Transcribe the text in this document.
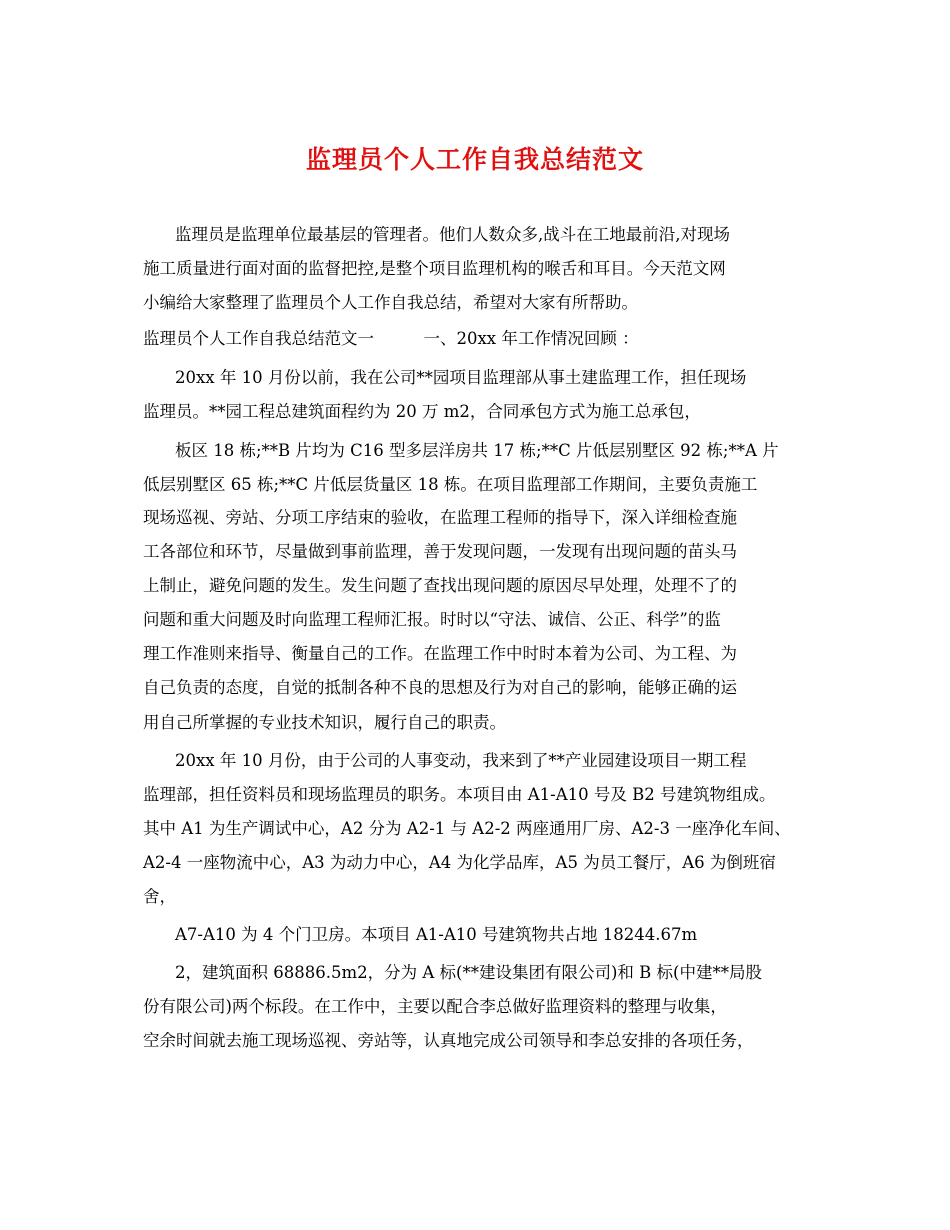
监理员个人工作自我总结范文
监理员是监理单位最基层的管理者。他们人数众多,战斗在工地最前沿,对现场
施工质量进行面对面的监督把控,是整个项目监理机构的喉舌和耳目。今天范文网
小编给大家整理了监理员个人工作自我总结，希望对大家有所帮助。
监理员个人工作自我总结范文一　　　一、20xx 年工作情况回顾 ：
20xx 年 10 月份以前，我在公司**园项目监理部从事土建监理工作，担任现场
监理员。**园工程总建筑面程约为 20 万 m2，合同承包方式为施工总承包，
板区 18 栋;**B 片均为 C16 型多层洋房共 17 栋;**C 片低层别墅区 92 栋;**A 片
低层别墅区 65 栋;**C 片低层货量区 18 栋。在项目监理部工作期间，主要负责施工
现场巡视、旁站、分项工序结束的验收，在监理工程师的指导下，深入详细检查施
工各部位和环节，尽量做到事前监理，善于发现问题，一发现有出现问题的苗头马
上制止，避免问题的发生。发生问题了查找出现问题的原因尽早处理，处理不了的
问题和重大问题及时向监理工程师汇报。时时以“守法、诚信、公正、科学”的监
理工作准则来指导、衡量自己的工作。在监理工作中时时本着为公司、为工程、为
自己负责的态度，自觉的抵制各种不良的思想及行为对自己的影响，能够正确的运
用自己所掌握的专业技术知识，履行自己的职责。
20xx 年 10 月份，由于公司的人事变动，我来到了**产业园建设项目一期工程
监理部，担任资料员和现场监理员的职务。本项目由 A1-A10 号及 B2 号建筑物组成。
其中 A1 为生产调试中心，A2 分为 A2-1 与 A2-2 两座通用厂房、A2-3 一座净化车间、
A2-4 一座物流中心，A3 为动力中心，A4 为化学品库，A5 为员工餐厅，A6 为倒班宿
舍，
A7-A10 为 4 个门卫房。本项目 A1-A10 号建筑物共占地 18244.67m
2，建筑面积 68886.5m2，分为 A 标(**建设集团有限公司)和 B 标(中建**局股
份有限公司)两个标段。在工作中，主要以配合李总做好监理资料的整理与收集，
空余时间就去施工现场巡视、旁站等，认真地完成公司领导和李总安排的各项任务，
